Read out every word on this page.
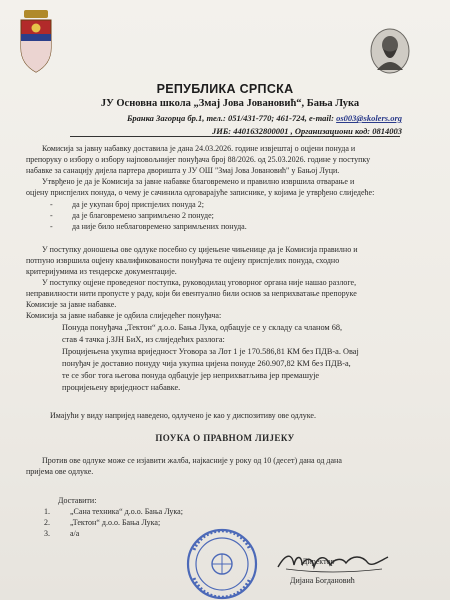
РЕПУБЛИКА СРПСКА
ЈУ Основна школа „Змај Јова Јовановић“, Бања Лука
Бранка Загорца бр.1, тел.: 051/431-770; 461-724, e-mail: os003@skolers.org
ЈИБ: 4401632800001 , Организациони код: 0814003
Комисија за јавну набавку доставила је дана 24.03.2026. године извјештај о оцјени понуда и
препоруку о избору о избору најповољнијег понуђача број 88/2026. од 25.03.2026. године у поступку
набавке за санацију дијела партера дворишта у ЈУ ОШ "Змај Јова Јовановић" у Бањој Луци.
Утврђено је да је Комисија за јавне набавке благовремено и правилно извршила отварање и
оцјену приспјелих понуда, о чему је сачинила одговарајуће записнике, у којима је утврђено слиједеће:
- да је укупан број приспјелих понуда 2;
- да је благовремено запримљено 2 понуде;
- да није било неблаговремено запримљених понуда.
У поступку доношења ове одлуке посебно су цијењене чињенице да је Комисија правилно и
потпуно извршила оцјену квалификованости понуђача те оцјену приспјелих понуда, сходно
критеријумима из тендерске документације.
У поступку оцјене проведеног поступка, руководилац уговорног органа није нашао разлоге,
неправилности нити пропусте у раду, који би евентуално били основ за неприхватање препоруке
Комисије за јавне набавке.
Комисија за јавне набавке је одбила слиједећег понуђача:
Понуда понуђача „Тектон“ д.о.о. Бања Лука, одбацује се у складу са чланом 68,
став 4 тачка ј.ЗЈН БиХ, из слиједећих разлога:
Процијењена укупна вриједност Уговора за Лот 1 је 170.586,81 КМ без ПДВ-а. Овај
понуђач је доставио понуду чија укупна цијена понуде 260.907,82 КМ без ПДВ-а,
те се због тога његова понуда одбацује јер неприхватљива јер премашује
процијењену вриједност набавке.
Имајући у виду напријед наведено, одлучено је као у диспозитиву ове одлуке.
ПОУКА О ПРАВНОМ ЛИЈЕКУ
Против ове одлуке може се изјавити жалба, најкасније у року од 10 (десет) дана од дана
пријема ове одлуке.
Доставити:
1.	„Сана техника“ д.о.о. Бања Лука;
2.	„Тектон“ д.о.о. Бања Лука;
3.	а/а
Директор
Дијана Богдановић
